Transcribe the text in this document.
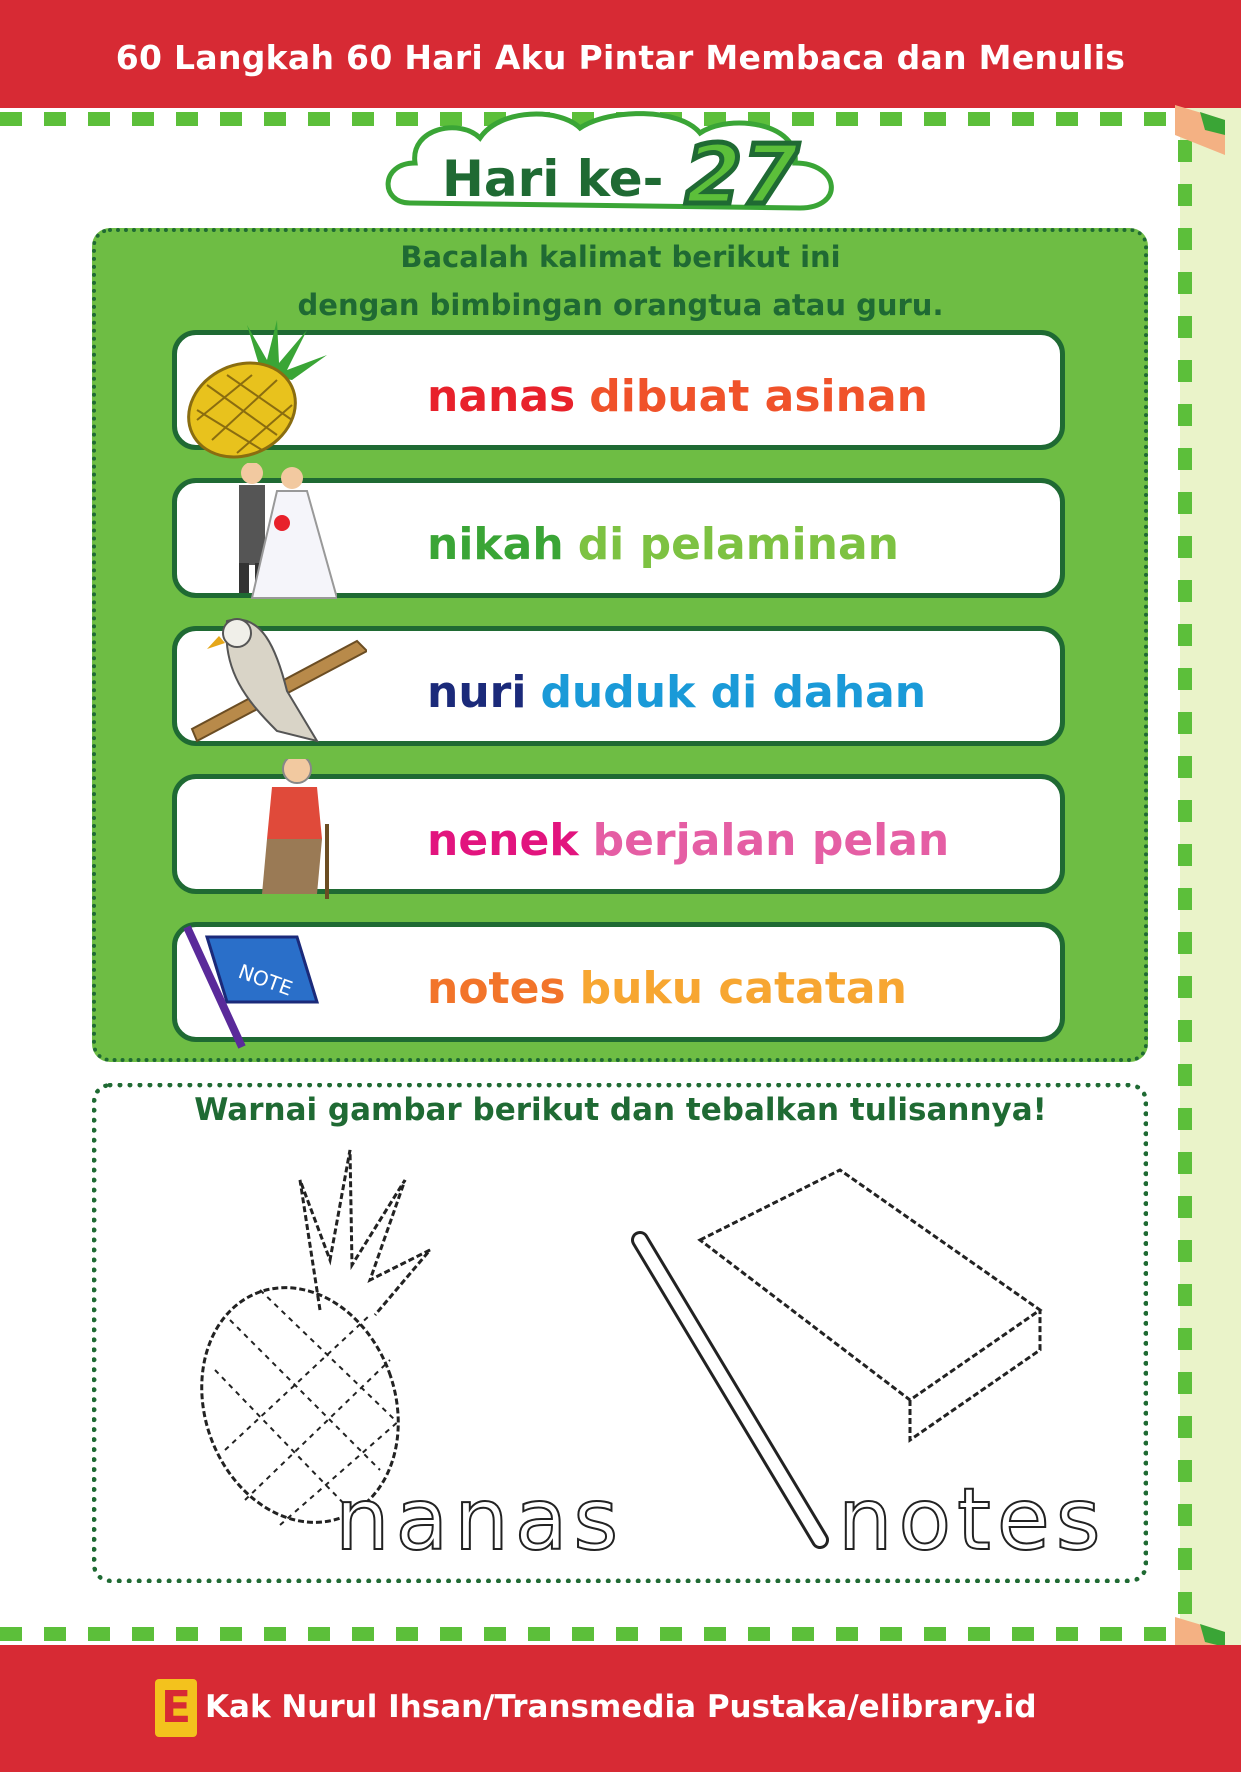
60 Langkah 60 Hari Aku Pintar Membaca dan Menulis
Hari ke- 27
Bacalah kalimat berikut ini
dengan bimbingan orangtua atau guru.
nanas dibuat asinan
nikah di pelaminan
nuri duduk di dahan
nenek berjalan pelan
NOTE	notes buku catatan
Warnai gambar berikut dan tebalkan tulisannya!
nanas notes
E Kak Nurul Ihsan/Transmedia Pustaka/elibrary.id
